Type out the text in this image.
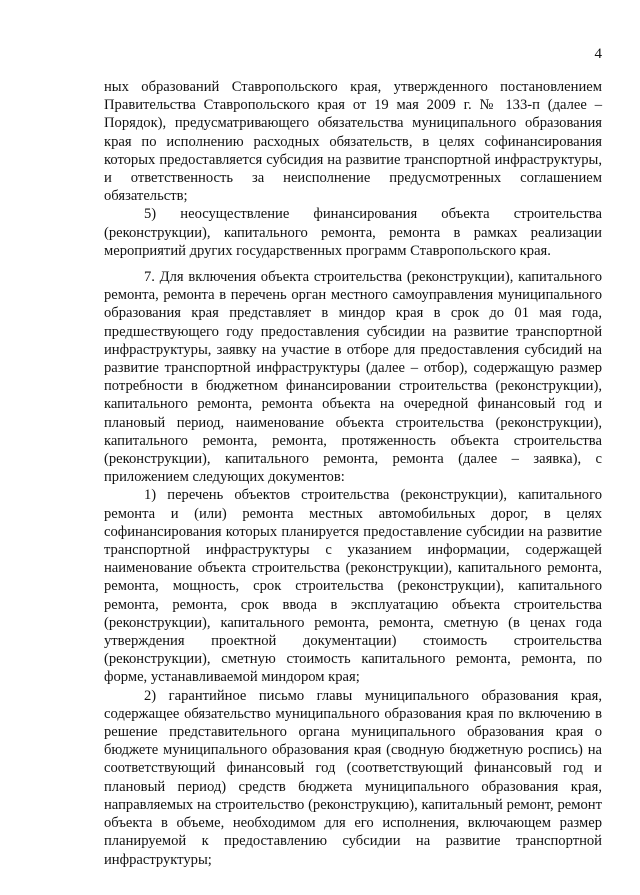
4

ных образований Ставропольского края, утвержденного постановлением Правительства Ставропольского края от 19 мая 2009 г. № 133-п (далее – Порядок), предусматривающего обязательства муниципального образования края по исполнению расходных обязательств, в целях софинансирования которых предоставляется субсидия на развитие транспортной инфраструктуры, и ответственность за неисполнение предусмотренных соглашением обязательств;

5) неосуществление финансирования объекта строительства (реконструкции), капитального ремонта, ремонта в рамках реализации мероприятий других государственных программ Ставропольского края.

7. Для включения объекта строительства (реконструкции), капитального ремонта, ремонта в перечень орган местного самоуправления муниципального образования края представляет в миндор края в срок до 01 мая года, предшествующего году предоставления субсидии на развитие транспортной инфраструктуры, заявку на участие в отборе для предоставления субсидий на развитие транспортной инфраструктуры (далее – отбор), содержащую размер потребности в бюджетном финансировании строительства (реконструкции), капитального ремонта, ремонта объекта на очередной финансовый год и плановый период, наименование объекта строительства (реконструкции), капитального ремонта, ремонта, протяженность объекта строительства (реконструкции), капитального ремонта, ремонта (далее – заявка), с приложением следующих документов:

1) перечень объектов строительства (реконструкции), капитального ремонта и (или) ремонта местных автомобильных дорог, в целях софинансирования которых планируется предоставление субсидии на развитие транспортной инфраструктуры с указанием информации, содержащей наименование объекта строительства (реконструкции), капитального ремонта, ремонта, мощность, срок строительства (реконструкции), капитального ремонта, ремонта, срок ввода в эксплуатацию объекта строительства (реконструкции), капитального ремонта, ремонта, сметную (в ценах года утверждения проектной документации) стоимость строительства (реконструкции), сметную стоимость капитального ремонта, ремонта, по форме, устанавливаемой миндором края;

2) гарантийное письмо главы муниципального образования края, содержащее обязательство муниципального образования края по включению в решение представительного органа муниципального образования края о бюджете муниципального образования края (сводную бюджетную роспись) на соответствующий финансовый год (соответствующий финансовый год и плановый период) средств бюджета муниципального образования края, направляемых на строительство (реконструкцию), капитальный ремонт, ремонт объекта в объеме, необходимом для его исполнения, включающем размер планируемой к предоставлению субсидии на развитие транспортной инфраструктуры;
